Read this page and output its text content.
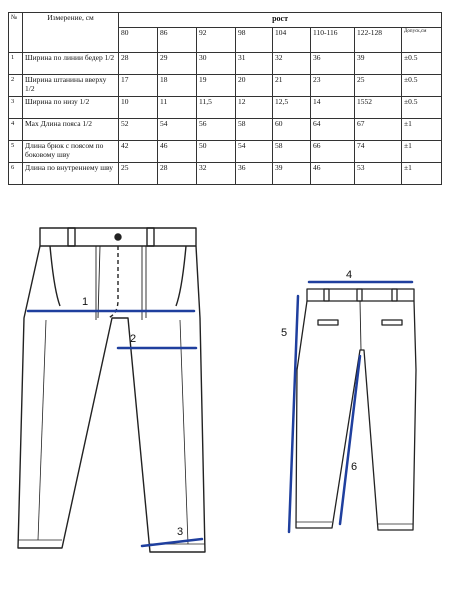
№	Измерение, см	рост							
		80	86	92	98	104	110-116	122-128	Допуск,см
1	Ширина по линии бедер 1/2	28	29	30	31	32	36	39	±0.5
2	Ширина штанины вверху 1/2	17	18	19	20	21	23	25	±0.5
3	Ширина по низу 1/2	10	11	11,5	12	12,5	14	1552	±0.5
4	Max Длина пояса 1/2	52	54	56	58	60	64	67	±1
5	Длина брюк с поясом по боковому шву	42	46	50	54	58	66	74	±1
6	Длина по внутреннему шву	25	28	32	36	39	46	53	±1
1
2
3
4
5
6
